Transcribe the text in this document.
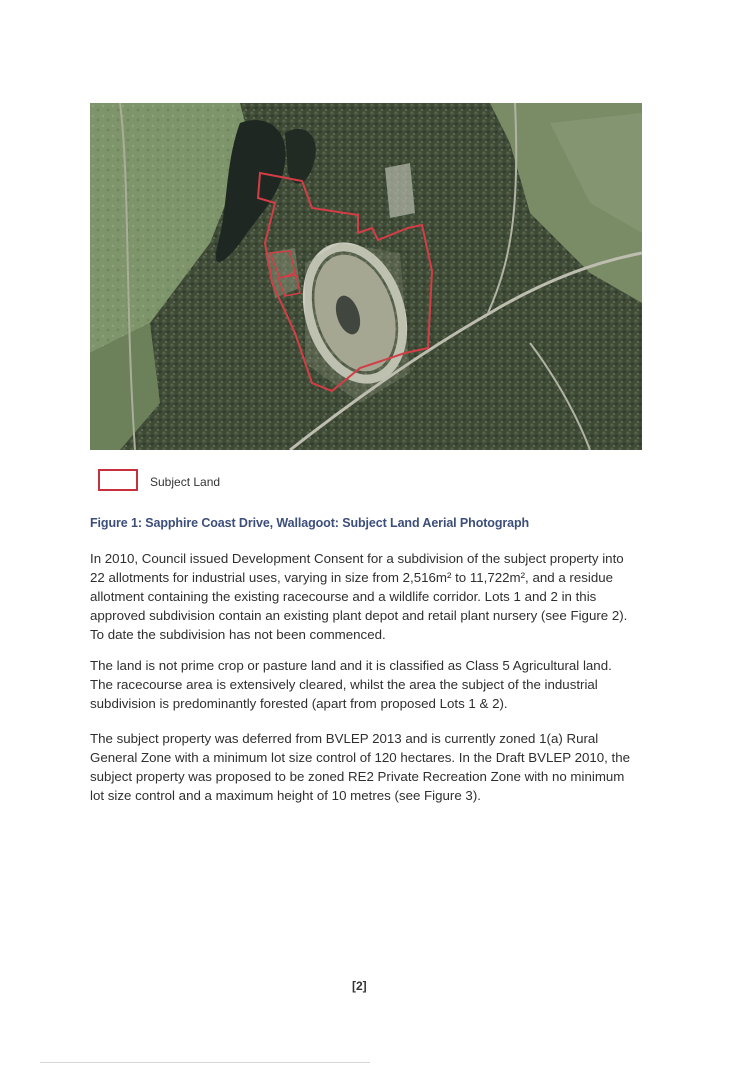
Subject Land
Figure 1: Sapphire Coast Drive, Wallagoot: Subject Land Aerial Photograph

In 2010, Council issued Development Consent for a subdivision of the subject property into 22 allotments for industrial uses, varying in size from 2,516m² to 11,722m², and a residue allotment containing the existing racecourse and a wildlife corridor. Lots 1 and 2 in this approved subdivision contain an existing plant depot and retail plant nursery (see Figure 2). To date the subdivision has not been commenced.

The land is not prime crop or pasture land and it is classified as Class 5 Agricultural land. The racecourse area is extensively cleared, whilst the area the subject of the industrial subdivision is predominantly forested (apart from proposed Lots 1 & 2).

The subject property was deferred from BVLEP 2013 and is currently zoned 1(a) Rural General Zone with a minimum lot size control of 120 hectares. In the Draft BVLEP 2010, the subject property was proposed to be zoned RE2 Private Recreation Zone with no minimum lot size control and a maximum height of 10 metres (see Figure 3).

[2]
